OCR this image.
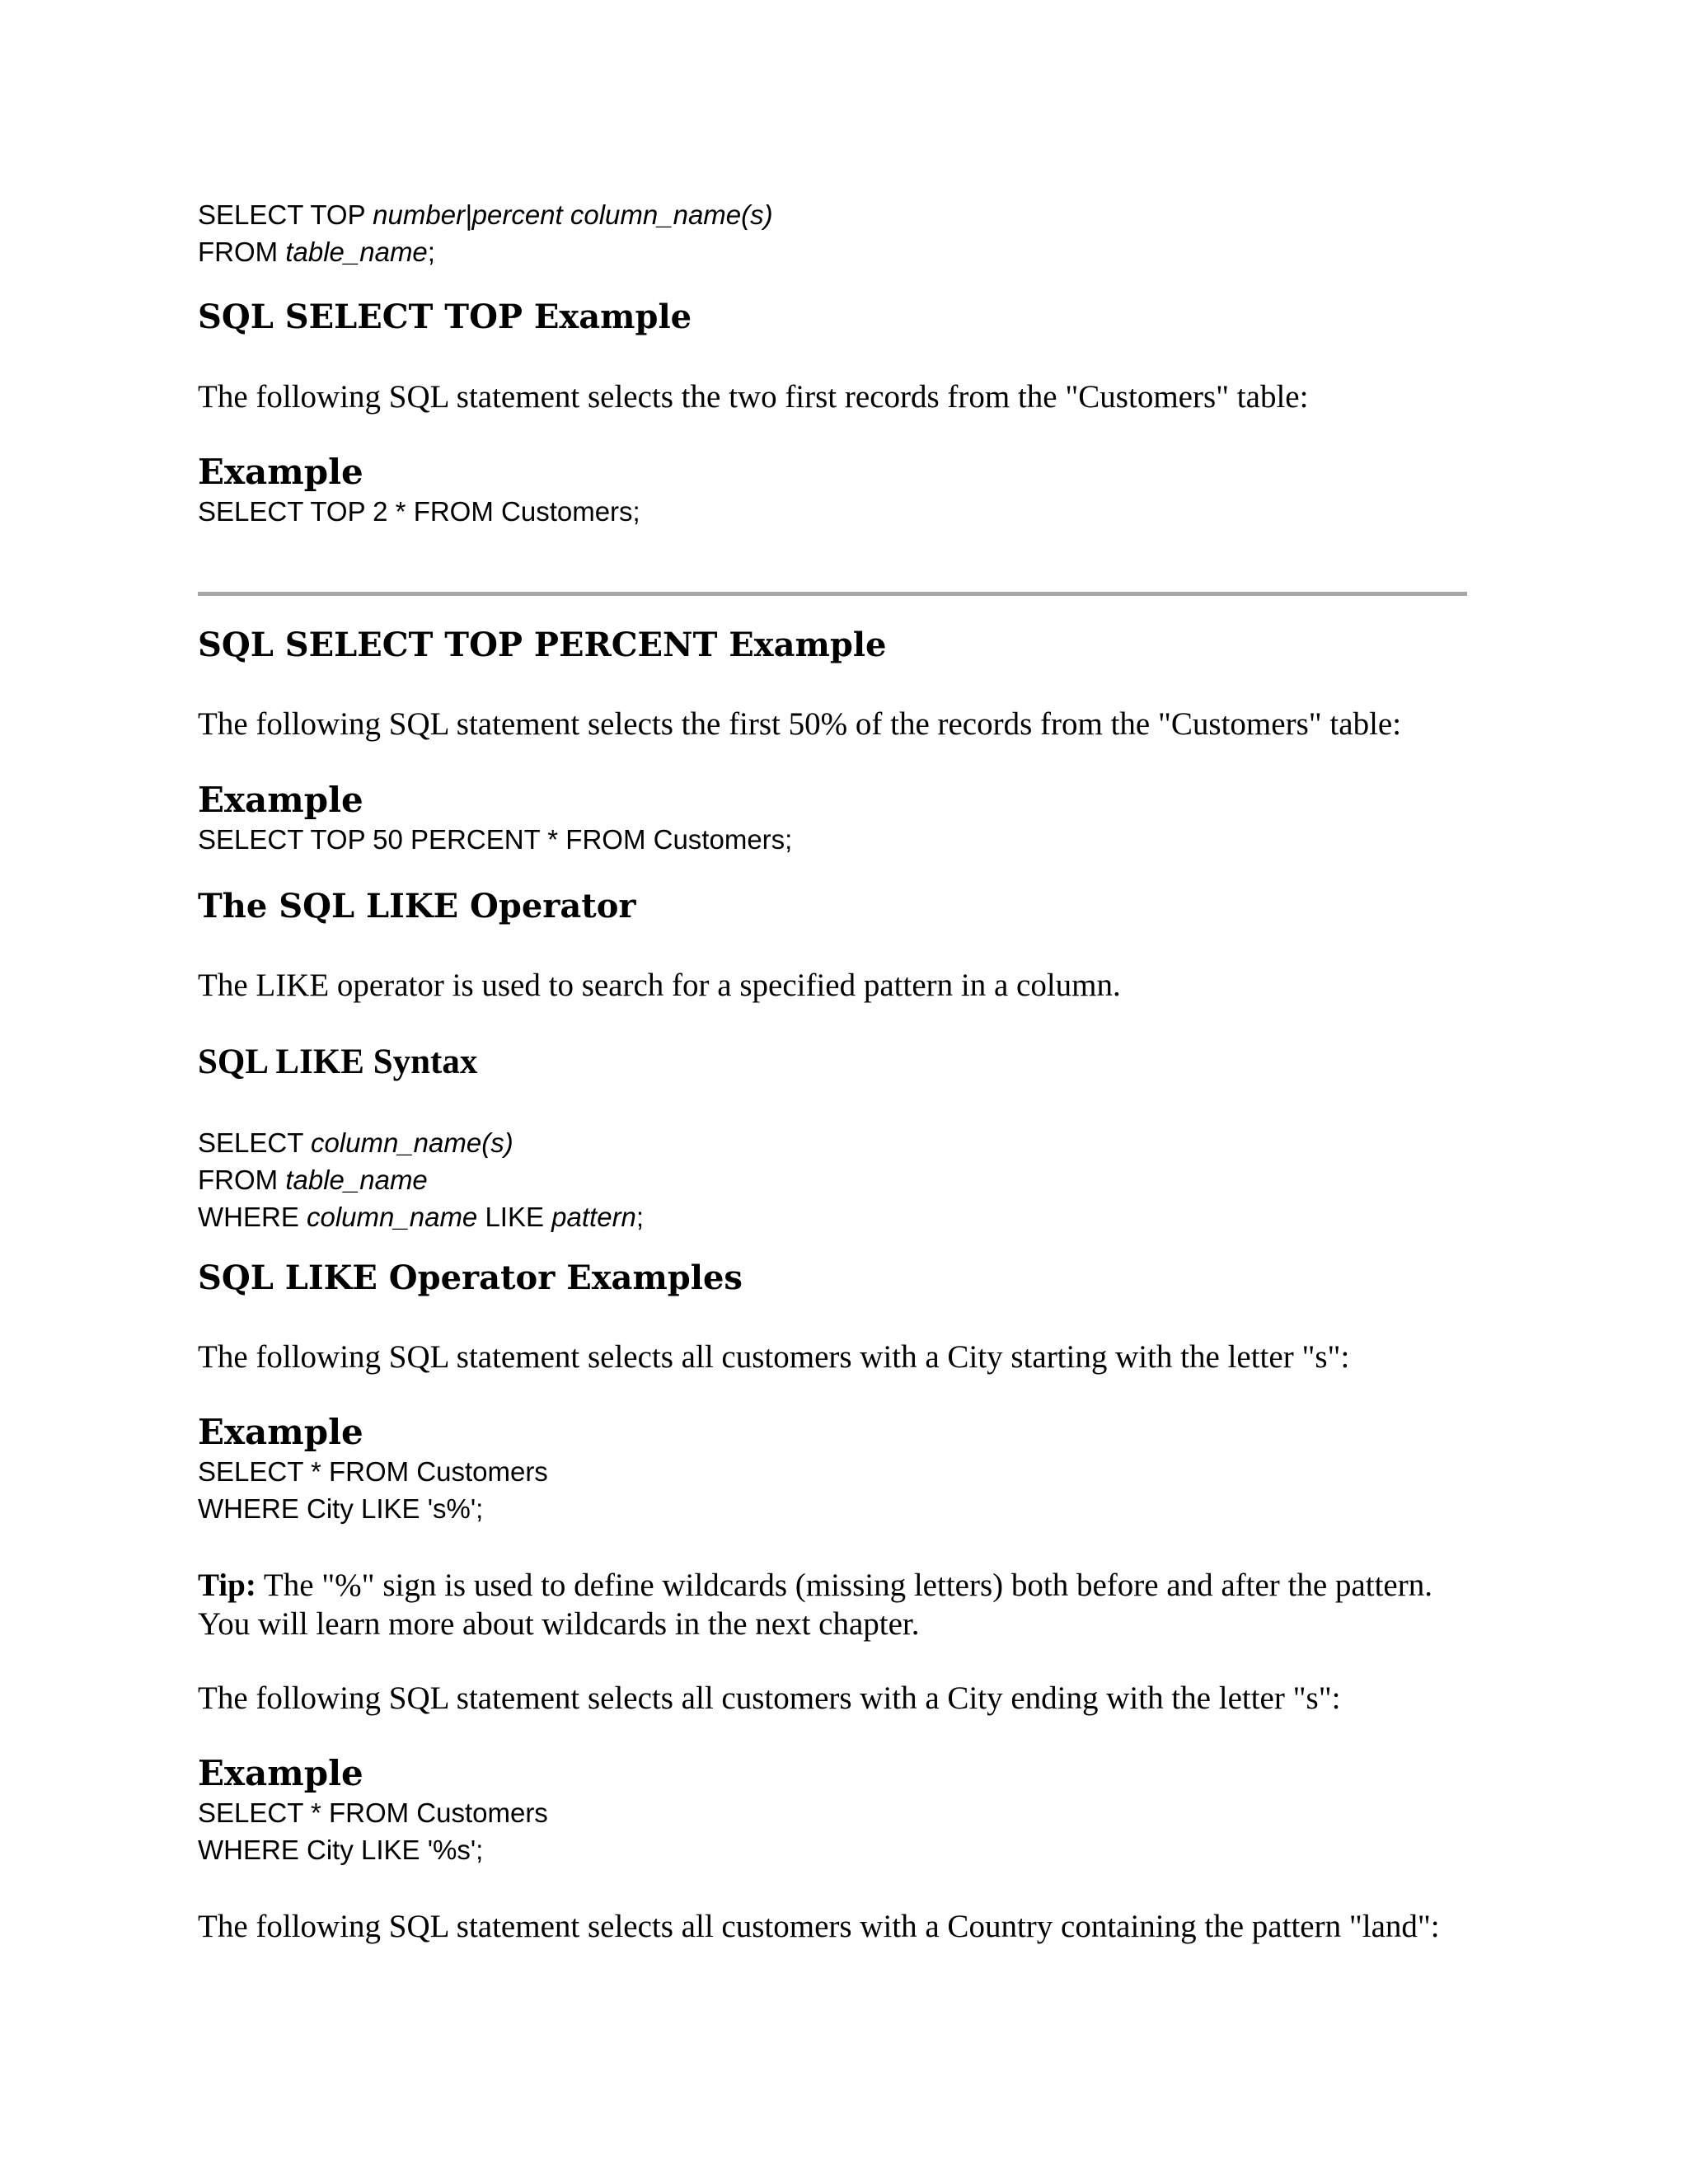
SELECT TOP number|percent column_name(s)
FROM table_name;
SQL SELECT TOP Example
The following SQL statement selects the two first records from the "Customers" table:
Example
SELECT TOP 2 * FROM Customers;
SQL SELECT TOP PERCENT Example
The following SQL statement selects the first 50% of the records from the "Customers" table:
Example
SELECT TOP 50 PERCENT * FROM Customers;
The SQL LIKE Operator
The LIKE operator is used to search for a specified pattern in a column.
SQL LIKE Syntax
SELECT column_name(s)
FROM table_name
WHERE column_name LIKE pattern;
SQL LIKE Operator Examples
The following SQL statement selects all customers with a City starting with the letter "s":
Example
SELECT * FROM Customers
WHERE City LIKE 's%';
Tip: The "%" sign is used to define wildcards (missing letters) both before and after the pattern.
You will learn more about wildcards in the next chapter.
The following SQL statement selects all customers with a City ending with the letter "s":
Example
SELECT * FROM Customers
WHERE City LIKE '%s';
The following SQL statement selects all customers with a Country containing the pattern "land":
